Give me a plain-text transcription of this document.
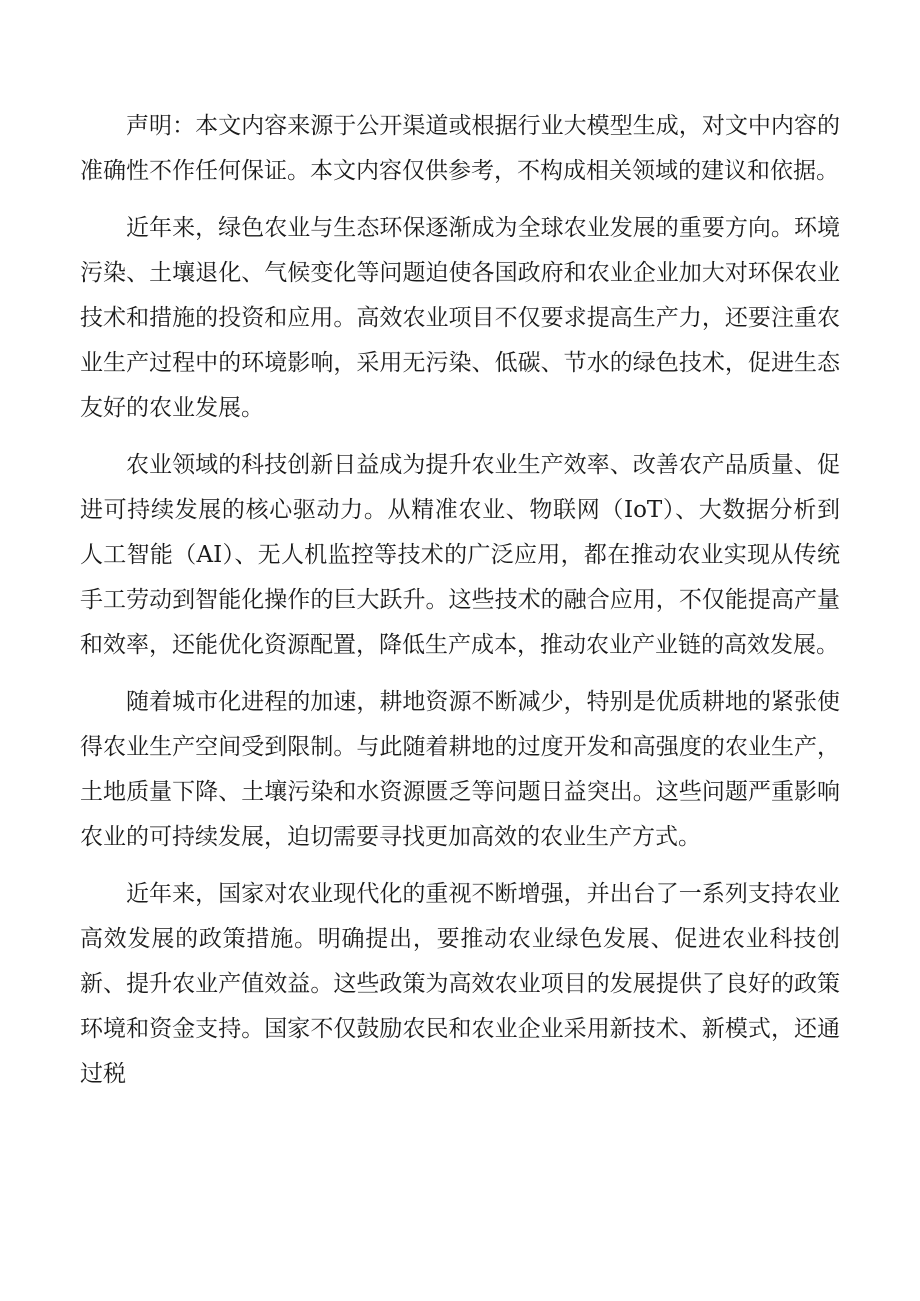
声明：本文内容来源于公开渠道或根据行业大模型生成，对文中内容的准确性不作任何保证。本文内容仅供参考，不构成相关领域的建议和依据。

近年来，绿色农业与生态环保逐渐成为全球农业发展的重要方向。环境污染、土壤退化、气候变化等问题迫使各国政府和农业企业加大对环保农业技术和措施的投资和应用。高效农业项目不仅要求提高生产力，还要注重农业生产过程中的环境影响，采用无污染、低碳、节水的绿色技术，促进生态友好的农业发展。

农业领域的科技创新日益成为提升农业生产效率、改善农产品质量、促进可持续发展的核心驱动力。从精准农业、物联网（IoT）、大数据分析到人工智能（AI）、无人机监控等技术的广泛应用，都在推动农业实现从传统手工劳动到智能化操作的巨大跃升。这些技术的融合应用，不仅能提高产量和效率，还能优化资源配置，降低生产成本，推动农业产业链的高效发展。

随着城市化进程的加速，耕地资源不断减少，特别是优质耕地的紧张使得农业生产空间受到限制。与此随着耕地的过度开发和高强度的农业生产，土地质量下降、土壤污染和水资源匮乏等问题日益突出。这些问题严重影响农业的可持续发展，迫切需要寻找更加高效的农业生产方式。

近年来，国家对农业现代化的重视不断增强，并出台了一系列支持农业高效发展的政策措施。明确提出，要推动农业绿色发展、促进农业科技创新、提升农业产值效益。这些政策为高效农业项目的发展提供了良好的政策环境和资金支持。国家不仅鼓励农民和农业企业采用新技术、新模式，还通过税
